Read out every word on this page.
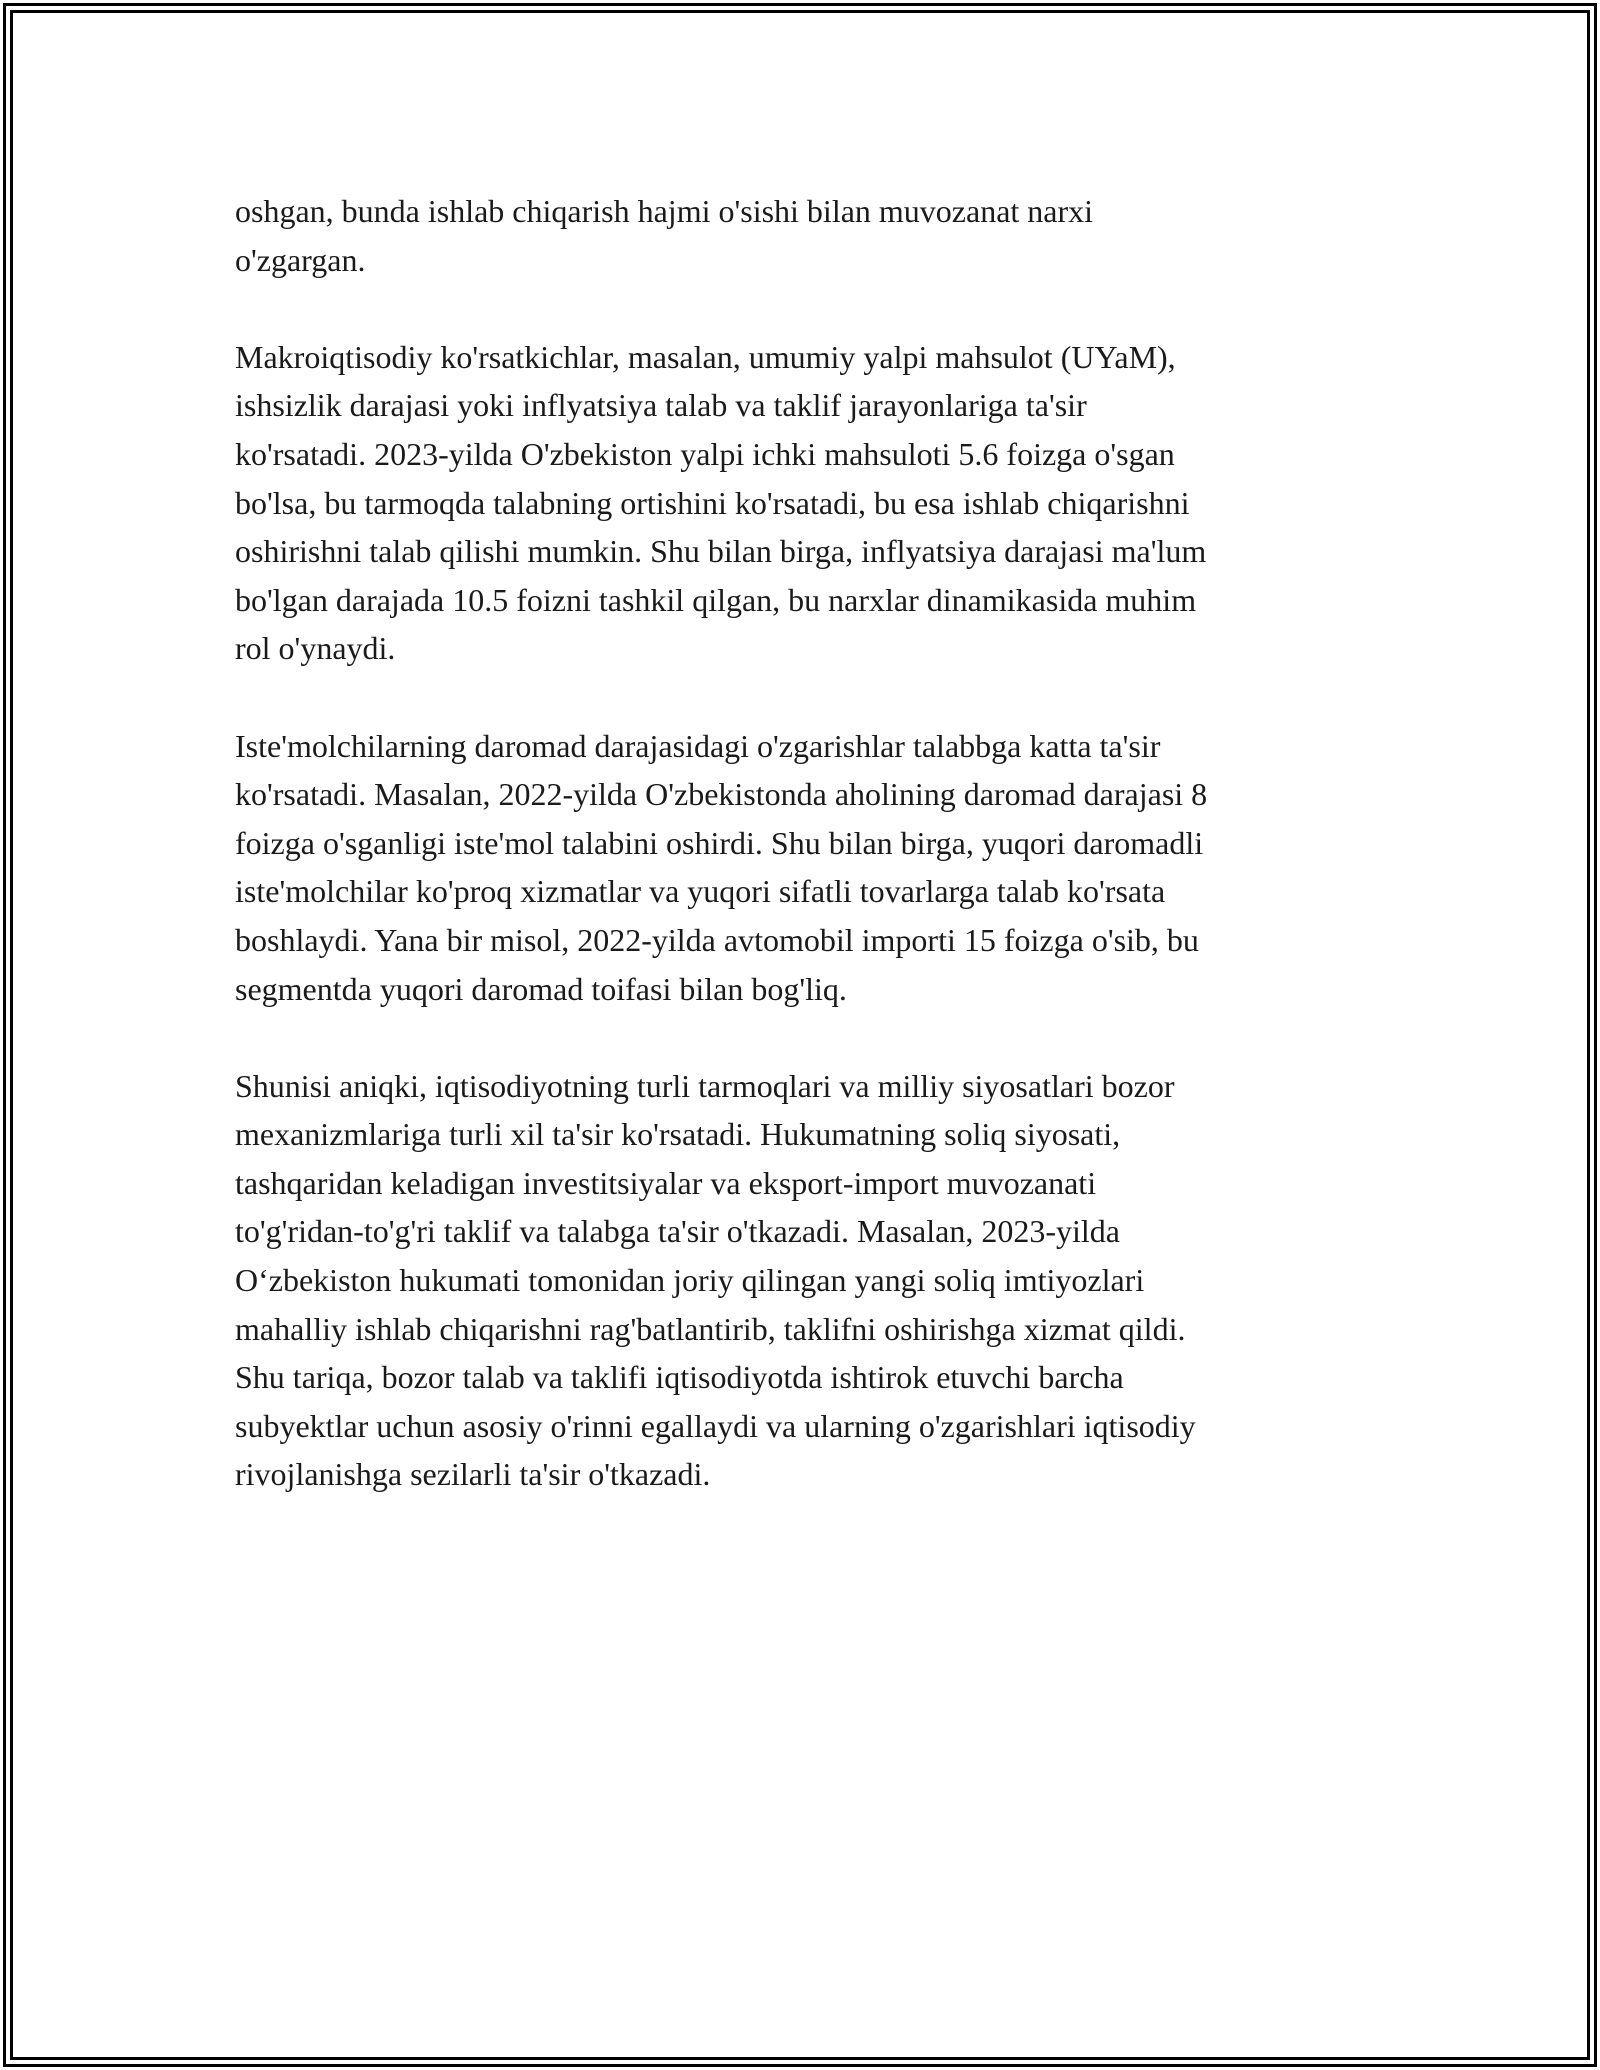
oshgan, bunda ishlab chiqarish hajmi o'sishi bilan muvozanat narxi
o'zgargan.

Makroiqtisodiy ko'rsatkichlar, masalan, umumiy yalpi mahsulot (UYaM),
ishsizlik darajasi yoki inflyatsiya talab va taklif jarayonlariga ta'sir
ko'rsatadi. 2023-yilda O'zbekiston yalpi ichki mahsuloti 5.6 foizga o'sgan
bo'lsa, bu tarmoqda talabning ortishini ko'rsatadi, bu esa ishlab chiqarishni
oshirishni talab qilishi mumkin. Shu bilan birga, inflyatsiya darajasi ma'lum
bo'lgan darajada 10.5 foizni tashkil qilgan, bu narxlar dinamikasida muhim
rol o'ynaydi.

Iste'molchilarning daromad darajasidagi o'zgarishlar talabbga katta ta'sir
ko'rsatadi. Masalan, 2022-yilda O'zbekistonda aholining daromad darajasi 8
foizga o'sganligi iste'mol talabini oshirdi. Shu bilan birga, yuqori daromadli
iste'molchilar ko'proq xizmatlar va yuqori sifatli tovarlarga talab ko'rsata
boshlaydi. Yana bir misol, 2022-yilda avtomobil importi 15 foizga o'sib, bu
segmentda yuqori daromad toifasi bilan bog'liq.

Shunisi aniqki, iqtisodiyotning turli tarmoqlari va milliy siyosatlari bozor
mexanizmlariga turli xil ta'sir ko'rsatadi. Hukumatning soliq siyosati,
tashqaridan keladigan investitsiyalar va eksport-import muvozanati
to'g'ridan-to'g'ri taklif va talabga ta'sir o'tkazadi. Masalan, 2023-yilda
O‘zbekiston hukumati tomonidan joriy qilingan yangi soliq imtiyozlari
mahalliy ishlab chiqarishni rag'batlantirib, taklifni oshirishga xizmat qildi.
Shu tariqa, bozor talab va taklifi iqtisodiyotda ishtirok etuvchi barcha
subyektlar uchun asosiy o'rinni egallaydi va ularning o'zgarishlari iqtisodiy
rivojlanishga sezilarli ta'sir o'tkazadi.
